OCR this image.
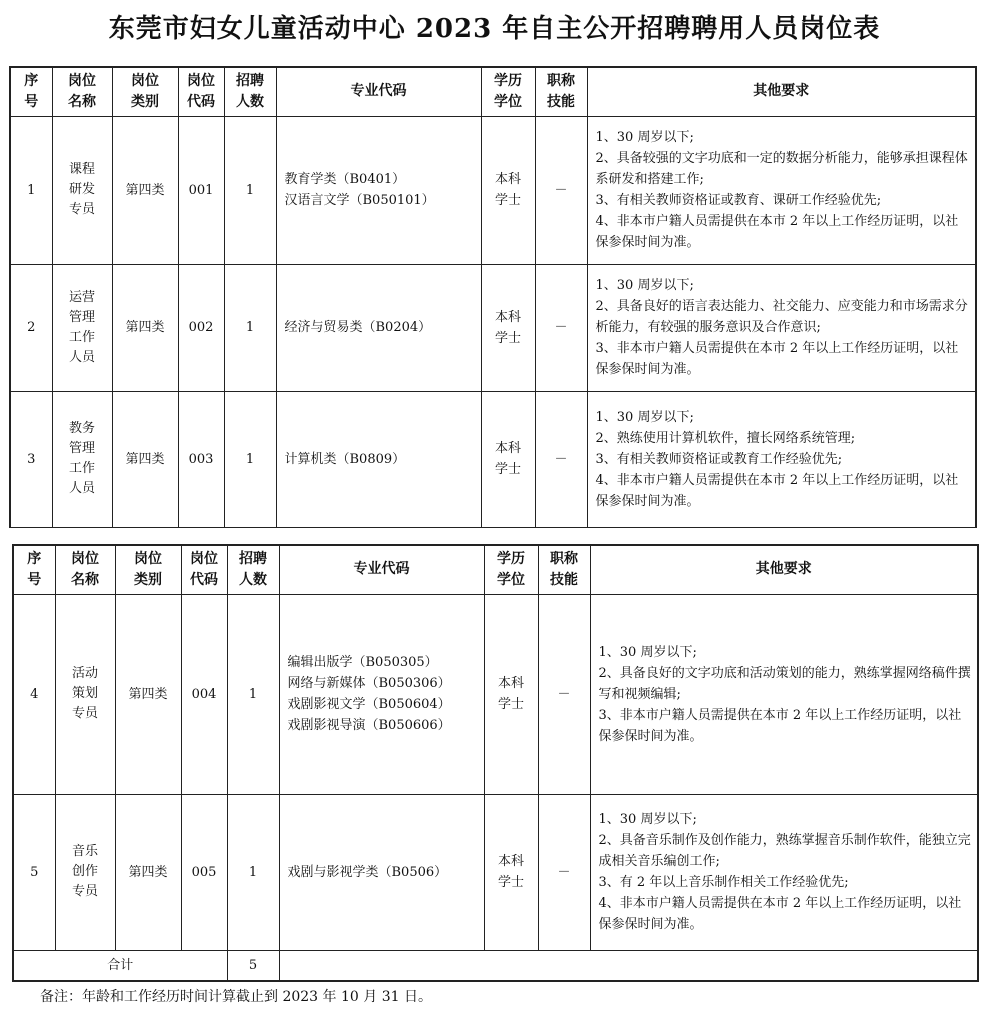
东莞市妇女儿童活动中心 2023 年自主公开招聘聘用人员岗位表
序
号	岗位
名称	岗位
类别	岗位
代码	招聘
人数	专业代码	学历
学位	职称
技能	其他要求
1	课程
研发
专员	第四类	001	1	教育学类（B0401）
汉语言文学（B050101）	本科
学士	－	1、30 周岁以下;
2、具备较强的文字功底和一定的数据分析能力，能够承担课程体系研发和搭建工作;
3、有相关教师资格证或教育、课研工作经验优先;
4、非本市户籍人员需提供在本市 2 年以上工作经历证明，以社保参保时间为准。
2	运营
管理
工作
人员	第四类	002	1	经济与贸易类（B0204）	本科
学士	－	1、30 周岁以下;
2、具备良好的语言表达能力、社交能力、应变能力和市场需求分析能力，有较强的服务意识及合作意识;
3、非本市户籍人员需提供在本市 2 年以上工作经历证明，以社保参保时间为准。
3	教务
管理
工作
人员	第四类	003	1	计算机类（B0809）	本科
学士	－	1、30 周岁以下;
2、熟练使用计算机软件，擅长网络系统管理;
3、有相关教师资格证或教育工作经验优先;
4、非本市户籍人员需提供在本市 2 年以上工作经历证明，以社保参保时间为准。
序
号	岗位
名称	岗位
类别	岗位
代码	招聘
人数	专业代码	学历
学位	职称
技能	其他要求
4	活动
策划
专员	第四类	004	1	编辑出版学（B050305）
网络与新媒体（B050306）
戏剧影视文学（B050604）
戏剧影视导演（B050606）	本科
学士	－	1、30 周岁以下;
2、具备良好的文字功底和活动策划的能力，熟练掌握网络稿件撰写和视频编辑;
3、非本市户籍人员需提供在本市 2 年以上工作经历证明，以社保参保时间为准。
5	音乐
创作
专员	第四类	005	1	戏剧与影视学类（B0506）	本科
学士	－	1、30 周岁以下;
2、具备音乐制作及创作能力，熟练掌握音乐制作软件，能独立完成相关音乐编创工作;
3、有 2 年以上音乐制作相关工作经验优先;
4、非本市户籍人员需提供在本市 2 年以上工作经历证明，以社保参保时间为准。
合计				5				
备注：年龄和工作经历时间计算截止到 2023 年 10 月 31 日。
